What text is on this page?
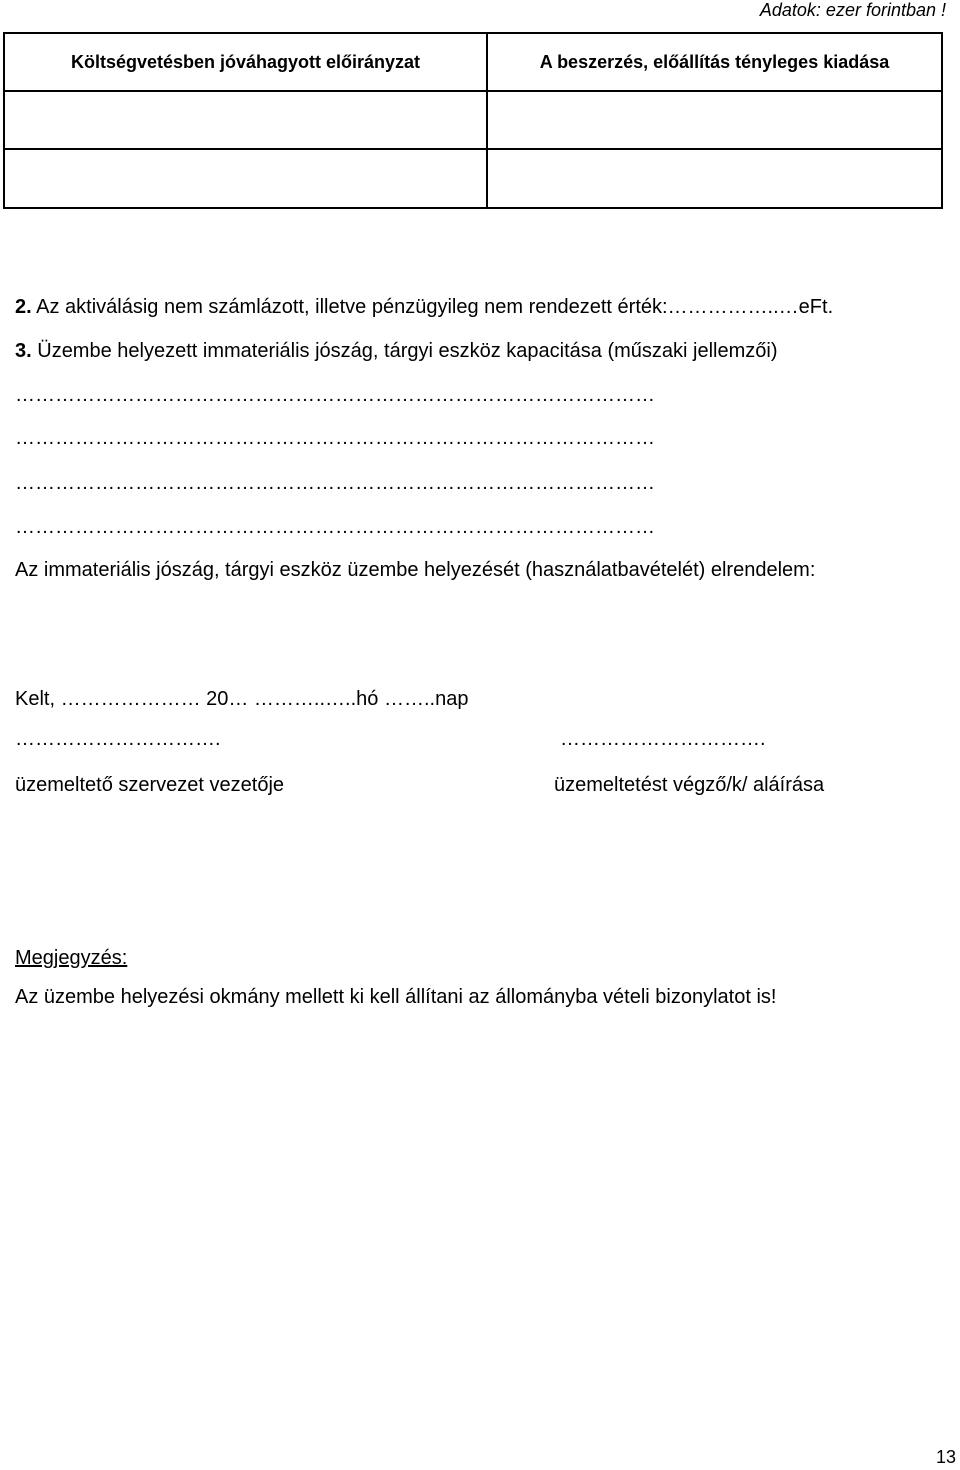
Adatok: ezer forintban !
Költségvetésben jóváhagyott előirányzat	A beszerzés, előállítás tényleges kiadása

2. Az aktiválásig nem számlázott, illetve pénzügyileg nem rendezett érték:……………..…eFt.
3. Üzembe helyezett immateriális jószág, tárgyi eszköz kapacitása (műszaki jellemzői)
……………………………………………………………………………………
……………………………………………………………………………………
……………………………………………………………………………………
……………………………………………………………………………………
Az immateriális jószág, tárgyi eszköz üzembe helyezését (használatbavételét) elrendelem:
Kelt, ………………… 20… ………..…..hó ……..nap
………………………….	………………………….
üzemeltető szervezet vezetője	üzemeltetést végző/k/ aláírása
Megjegyzés:
Az üzembe helyezési okmány mellett ki kell állítani az állományba vételi bizonylatot is!
13
